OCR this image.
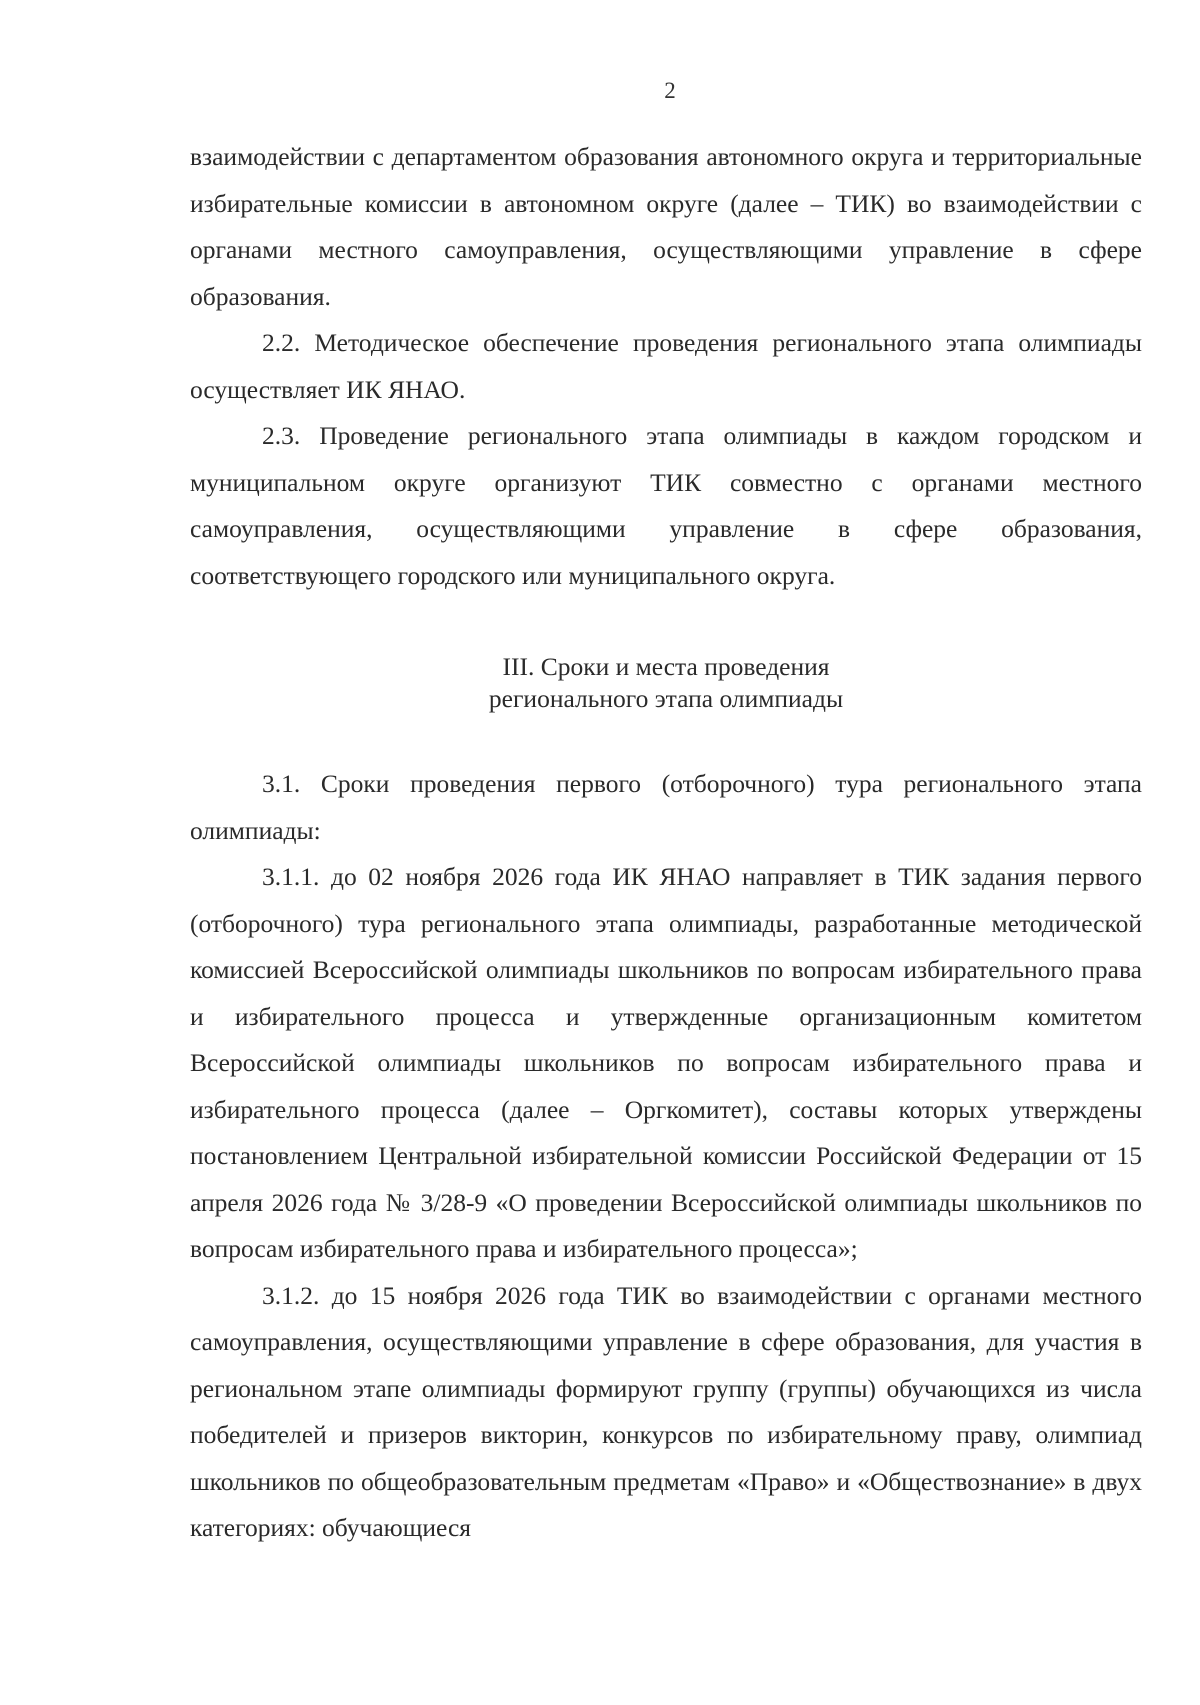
2

взаимодействии с департаментом образования автономного округа и территориальные избирательные комиссии в автономном округе (далее – ТИК) во взаимодействии с органами местного самоуправления, осуществляющими управление в сфере образования.

2.2. Методическое обеспечение проведения регионального этапа олимпиады осуществляет ИК ЯНАО.

2.3. Проведение регионального этапа олимпиады в каждом городском и муниципальном округе организуют ТИК совместно с органами местного самоуправления, осуществляющими управление в сфере образования, соответствующего городского или муниципального округа.

III. Сроки и места проведения
регионального этапа олимпиады

3.1. Сроки проведения первого (отборочного) тура регионального этапа олимпиады:

3.1.1. до 02 ноября 2026 года ИК ЯНАО направляет в ТИК задания первого (отборочного) тура регионального этапа олимпиады, разработанные методической комиссией Всероссийской олимпиады школьников по вопросам избирательного права и избирательного процесса и утвержденные организационным комитетом Всероссийской олимпиады школьников по вопросам избирательного права и избирательного процесса (далее – Оргкомитет), составы которых утверждены постановлением Центральной избирательной комиссии Российской Федерации от 15 апреля 2026 года № 3/28-9 «О проведении Всероссийской олимпиады школьников по вопросам избирательного права и избирательного процесса»;

3.1.2. до 15 ноября 2026 года ТИК во взаимодействии с органами местного самоуправления, осуществляющими управление в сфере образования, для участия в региональном этапе олимпиады формируют группу (группы) обучающихся из числа победителей и призеров викторин, конкурсов по избирательному праву, олимпиад школьников по общеобразовательным предметам «Право» и «Обществознание» в двух категориях: обучающиеся
